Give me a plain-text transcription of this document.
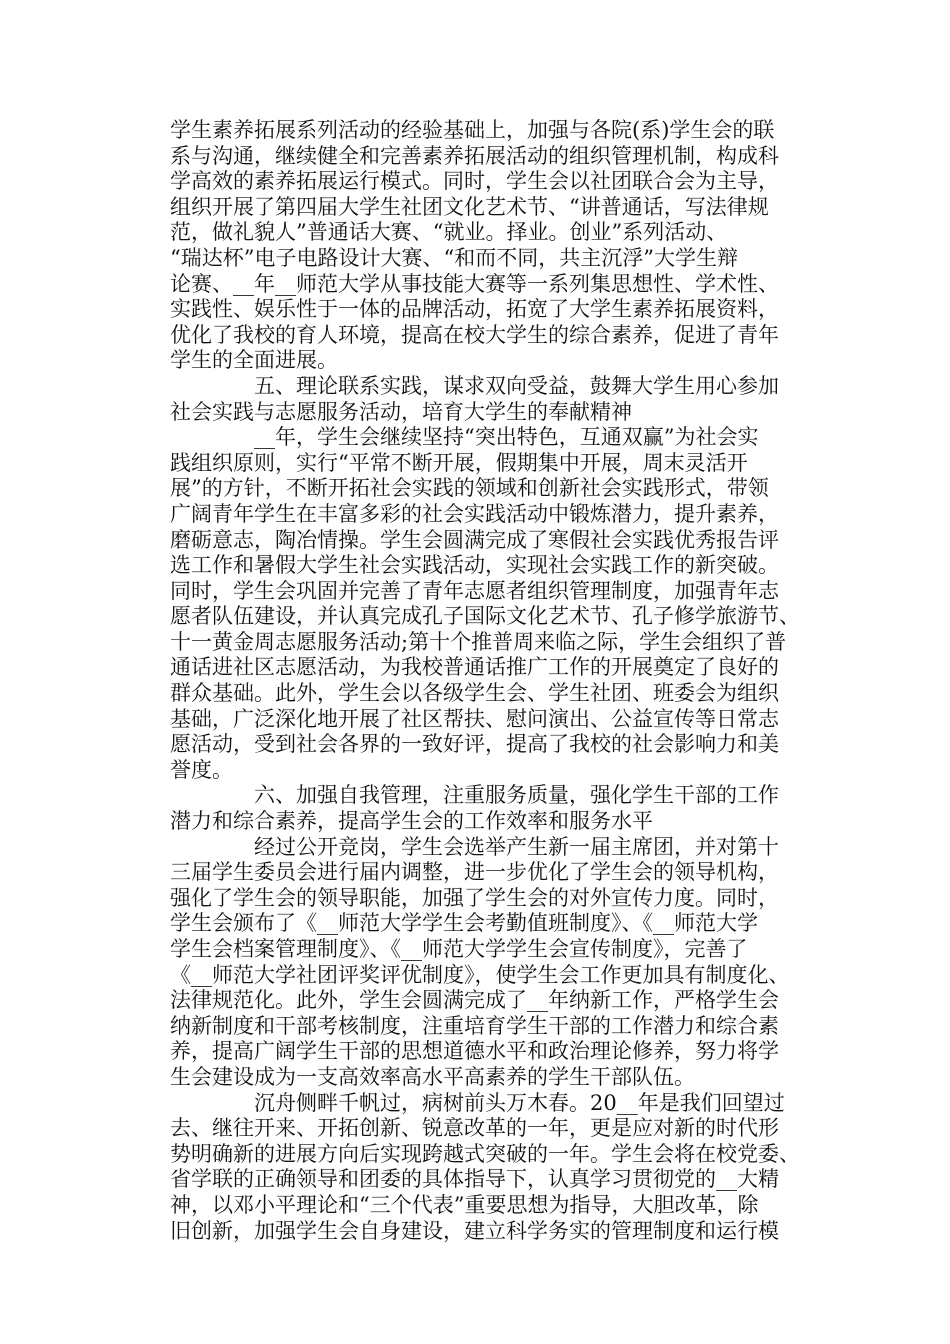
学生素养拓展系列活动的经验基础上，加强与各院(系)学生会的联
系与沟通，继续健全和完善素养拓展活动的组织管理机制，构成科
学高效的素养拓展运行模式。同时，学生会以社团联合会为主导，
组织开展了第四届大学生社团文化艺术节、“讲普通话，写法律规
范，做礼貌人”普通话大赛、“就业。择业。创业”系列活动、
“瑞达杯”电子电路设计大赛、“和而不同，共主沉浮”大学生辩
论赛、__年__师范大学从事技能大赛等一系列集思想性、学术性、
实践性、娱乐性于一体的品牌活动，拓宽了大学生素养拓展资料，
优化了我校的育人环境，提高在校大学生的综合素养，促进了青年
学生的全面进展。
五、理论联系实践，谋求双向受益，鼓舞大学生用心参加
社会实践与志愿服务活动，培育大学生的奉献精神
__年，学生会继续坚持“突出特色，互通双赢”为社会实
践组织原则，实行“平常不断开展，假期集中开展，周末灵活开
展”的方针，不断开拓社会实践的领域和创新社会实践形式，带领
广阔青年学生在丰富多彩的社会实践活动中锻炼潜力，提升素养，
磨砺意志，陶冶情操。学生会圆满完成了寒假社会实践优秀报告评
选工作和暑假大学生社会实践活动，实现社会实践工作的新突破。
同时，学生会巩固并完善了青年志愿者组织管理制度，加强青年志
愿者队伍建设，并认真完成孔子国际文化艺术节、孔子修学旅游节、
十一黄金周志愿服务活动;第十个推普周来临之际，学生会组织了普
通话进社区志愿活动，为我校普通话推广工作的开展奠定了良好的
群众基础。此外，学生会以各级学生会、学生社团、班委会为组织
基础，广泛深化地开展了社区帮扶、慰问演出、公益宣传等日常志
愿活动，受到社会各界的一致好评，提高了我校的社会影响力和美
誉度。
六、加强自我管理，注重服务质量，强化学生干部的工作
潜力和综合素养，提高学生会的工作效率和服务水平
经过公开竞岗，学生会选举产生新一届主席团，并对第十
三届学生委员会进行届内调整，进一步优化了学生会的领导机构，
强化了学生会的领导职能，加强了学生会的对外宣传力度。同时，
学生会颁布了《__师范大学学生会考勤值班制度》、《__师范大学
学生会档案管理制度》、《__师范大学学生会宣传制度》，完善了
《__师范大学社团评奖评优制度》，使学生会工作更加具有制度化、
法律规范化。此外，学生会圆满完成了__年纳新工作，严格学生会
纳新制度和干部考核制度，注重培育学生干部的工作潜力和综合素
养，提高广阔学生干部的思想道德水平和政治理论修养，努力将学
生会建设成为一支高效率高水平高素养的学生干部队伍。
沉舟侧畔千帆过，病树前头万木春。20__年是我们回望过
去、继往开来、开拓创新、锐意改革的一年，更是应对新的时代形
势明确新的进展方向后实现跨越式突破的一年。学生会将在校党委、
省学联的正确领导和团委的具体指导下，认真学习贯彻党的__大精
神，以邓小平理论和“三个代表”重要思想为指导，大胆改革，除
旧创新，加强学生会自身建设，建立科学务实的管理制度和运行模
